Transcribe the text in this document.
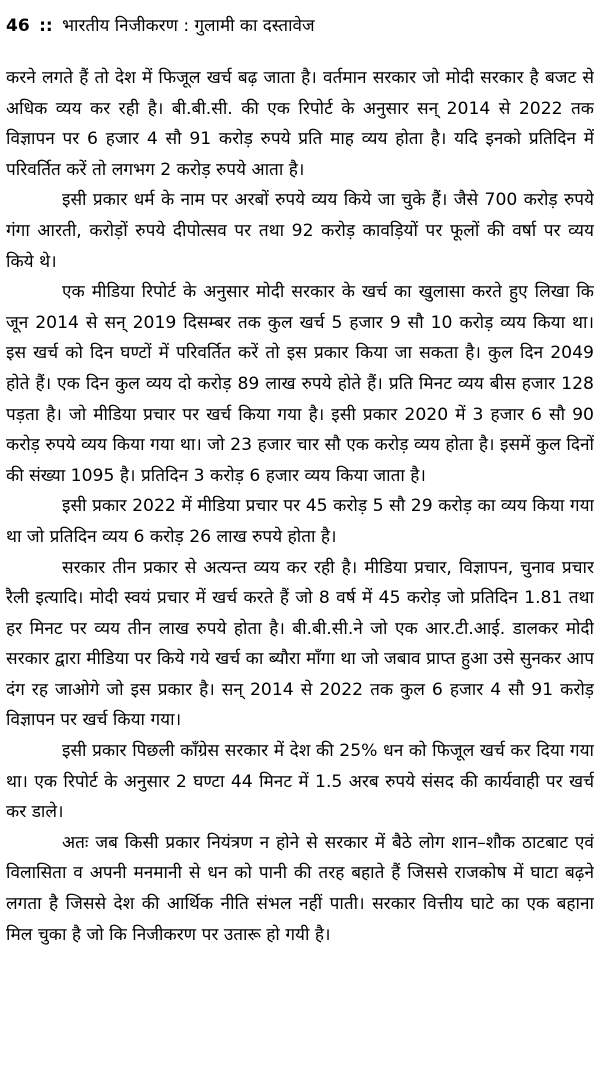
46 :: भारतीय निजीकरण : गुलामी का दस्तावेज

करने लगते हैं तो देश में फिजूल खर्च बढ़ जाता है। वर्तमान सरकार जो मोदी सरकार है बजट से अधिक व्यय कर रही है। बी.बी.सी. की एक रिपोर्ट के अनुसार सन् 2014 से 2022 तक विज्ञापन पर 6 हजार 4 सौ 91 करोड़ रुपये प्रति माह व्यय होता है। यदि इनको प्रतिदिन में परिवर्तित करें तो लगभग 2 करोड़ रुपये आता है।

इसी प्रकार धर्म के नाम पर अरबों रुपये व्यय किये जा चुके हैं। जैसे 700 करोड़ रुपये गंगा आरती, करोड़ों रुपये दीपोत्सव पर तथा 92 करोड़ कावड़ियों पर फूलों की वर्षा पर व्यय किये थे।

एक मीडिया रिपोर्ट के अनुसार मोदी सरकार के खर्च का खुलासा करते हुए लिखा कि जून 2014 से सन् 2019 दिसम्बर तक कुल खर्च 5 हजार 9 सौ 10 करोड़ व्यय किया था। इस खर्च को दिन घण्टों में परिवर्तित करें तो इस प्रकार किया जा सकता है। कुल दिन 2049 होते हैं। एक दिन कुल व्यय दो करोड़ 89 लाख रुपये होते हैं। प्रति मिनट व्यय बीस हजार 128 पड़ता है। जो मीडिया प्रचार पर खर्च किया गया है। इसी प्रकार 2020 में 3 हजार 6 सौ 90 करोड़ रुपये व्यय किया गया था। जो 23 हजार चार सौ एक करोड़ व्यय होता है। इसमें कुल दिनों की संख्या 1095 है। प्रतिदिन 3 करोड़ 6 हजार व्यय किया जाता है।

इसी प्रकार 2022 में मीडिया प्रचार पर 45 करोड़ 5 सौ 29 करोड़ का व्यय किया गया था जो प्रतिदिन व्यय 6 करोड़ 26 लाख रुपये होता है।

सरकार तीन प्रकार से अत्यन्त व्यय कर रही है। मीडिया प्रचार, विज्ञापन, चुनाव प्रचार रैली इत्यादि। मोदी स्वयं प्रचार में खर्च करते हैं जो 8 वर्ष में 45 करोड़ जो प्रतिदिन 1.81 तथा हर मिनट पर व्यय तीन लाख रुपये होता है। बी.बी.सी.ने जो एक आर.टी.आई. डालकर मोदी सरकार द्वारा मीडिया पर किये गये खर्च का ब्यौरा माँगा था जो जबाव प्राप्त हुआ उसे सुनकर आप दंग रह जाओगे जो इस प्रकार है। सन् 2014 से 2022 तक कुल 6 हजार 4 सौ 91 करोड़ विज्ञापन पर खर्च किया गया।

इसी प्रकार पिछली काँग्रेस सरकार में देश की 25% धन को फिजूल खर्च कर दिया गया था। एक रिपोर्ट के अनुसार 2 घण्टा 44 मिनट में 1.5 अरब रुपये संसद की कार्यवाही पर खर्च कर डाले।

अतः जब किसी प्रकार नियंत्रण न होने से सरकार में बैठे लोग शान–शौक ठाटबाट एवं विलासिता व अपनी मनमानी से धन को पानी की तरह बहाते हैं जिससे राजकोष में घाटा बढ़ने लगता है जिससे देश की आर्थिक नीति संभल नहीं पाती। सरकार वित्तीय घाटे का एक बहाना मिल चुका है जो कि निजीकरण पर उतारू हो गयी है।
